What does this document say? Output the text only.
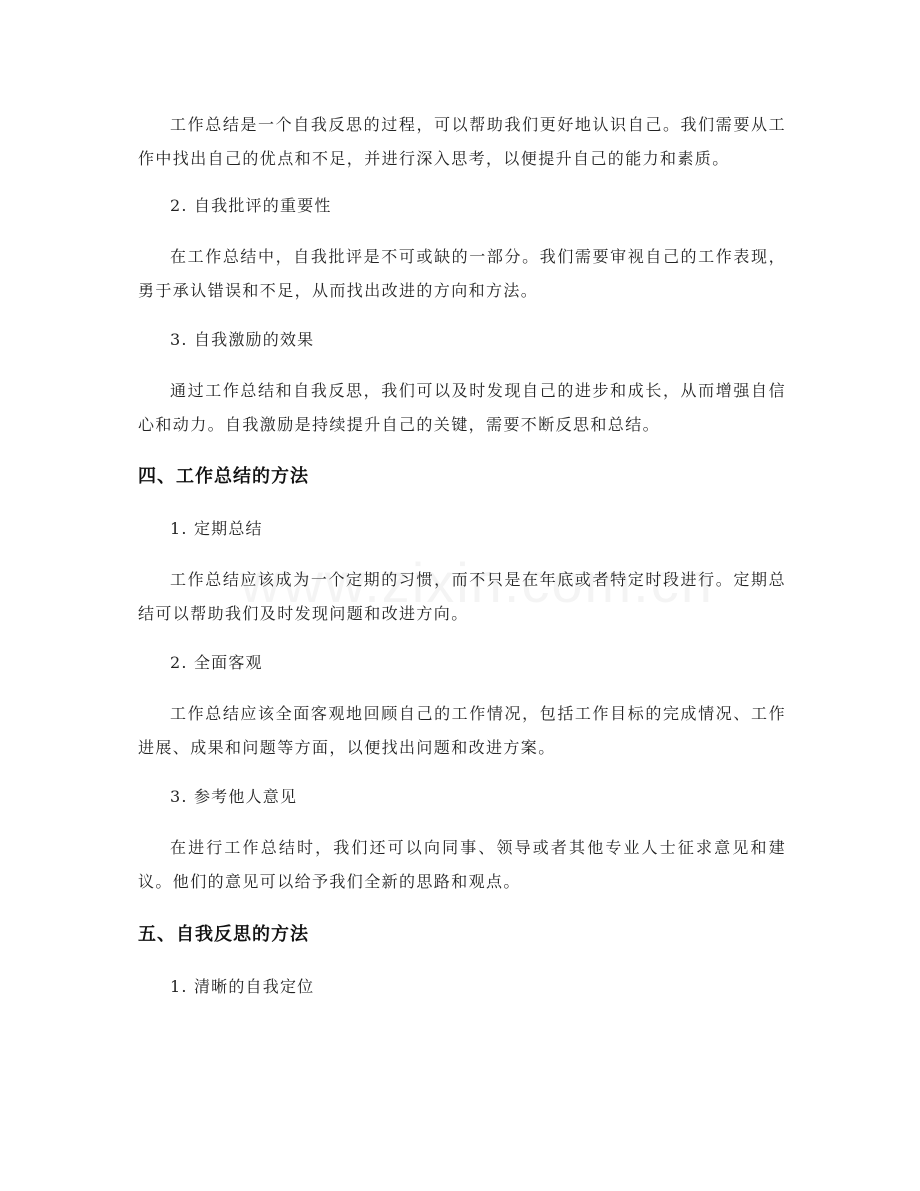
工作总结是一个自我反思的过程，可以帮助我们更好地认识自己。我们需要从工作中找出自己的优点和不足，并进行深入思考，以便提升自己的能力和素质。

2. 自我批评的重要性

在工作总结中，自我批评是不可或缺的一部分。我们需要审视自己的工作表现，勇于承认错误和不足，从而找出改进的方向和方法。

3. 自我激励的效果

通过工作总结和自我反思，我们可以及时发现自己的进步和成长，从而增强自信心和动力。自我激励是持续提升自己的关键，需要不断反思和总结。

四、工作总结的方法

1. 定期总结

工作总结应该成为一个定期的习惯，而不只是在年底或者特定时段进行。定期总结可以帮助我们及时发现问题和改进方向。

2. 全面客观

工作总结应该全面客观地回顾自己的工作情况，包括工作目标的完成情况、工作进展、成果和问题等方面，以便找出问题和改进方案。

3. 参考他人意见

在进行工作总结时，我们还可以向同事、领导或者其他专业人士征求意见和建议。他们的意见可以给予我们全新的思路和观点。

五、自我反思的方法

1. 清晰的自我定位
